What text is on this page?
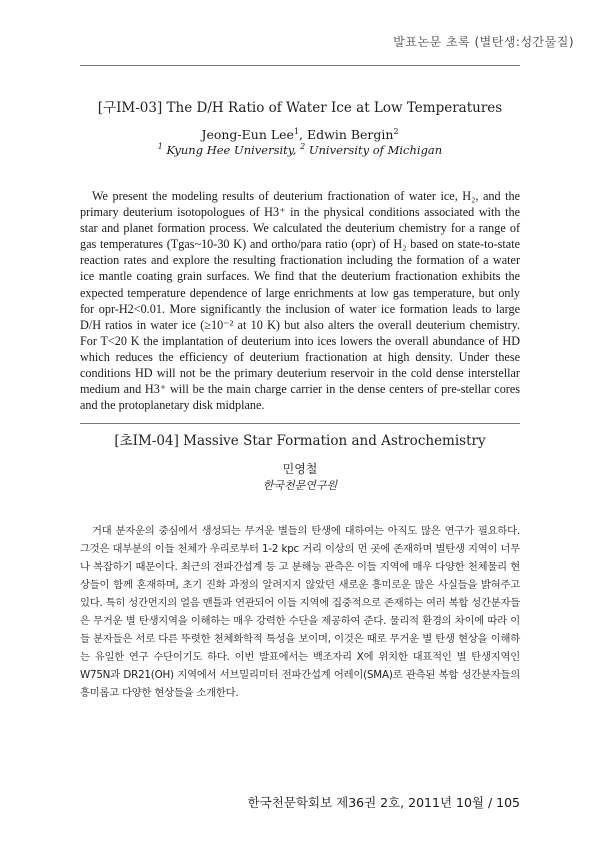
발표논문 초록 (별탄생:성간물질)
[구IM-03] The D/H Ratio of Water Ice at Low Temperatures
Jeong-Eun Lee$^1$, Edwin Bergin$^2$
$^1$ Kyung Hee University, $^2$ University of Michigan

We present the modeling results of deuterium fractionation of water ice, H₂, and the primary deuterium isotopologues of H3⁺ in the physical conditions associated with the star and planet formation process. We calculated the deuterium chemistry for a range of gas temperatures (Tgas~10-30 K) and ortho/para ratio (opr) of H₂ based on state-to-state reaction rates and explore the resulting fractionation including the formation of a water ice mantle coating grain surfaces. We find that the deuterium fractionation exhibits the expected temperature dependence of large enrichments at low gas temperature, but only for opr-H2<0.01. More significantly the inclusion of water ice formation leads to large D/H ratios in water ice (≥10⁻² at 10 K) but also alters the overall deuterium chemistry. For T<20 K the implantation of deuterium into ices lowers the overall abundance of HD which reduces the efficiency of deuterium fractionation at high density. Under these conditions HD will not be the primary deuterium reservoir in the cold dense interstellar medium and H3⁺ will be the main charge carrier in the dense centers of pre-stellar cores and the protoplanetary disk midplane.

[초IM-04] Massive Star Formation and Astrochemistry
민영철
한국천문연구원

거대 분자운의 중심에서 생성되는 무거운 별들의 탄생에 대하여는 아직도 많은 연구가 필요하다. 그것은 대부분의 이들 천체가 우리로부터 1-2 kpc 거리 이상의 먼 곳에 존재하며 별탄생 지역이 너무나 복잡하기 때문이다. 최근의 전파간섭계 등 고 분해능 관측은 이들 지역에 매우 다양한 천체물리 현상들이 함께 혼재하며, 초기 진화 과정의 알려지지 않았던 새로운 흥미로운 많은 사실들을 밝혀주고 있다. 특히 성간먼지의 얼음 맨틀과 연관되어 이들 지역에 집중적으로 존재하는 여러 복합 성간분자들은 무거운 별 탄생지역을 이해하는 매우 강력한 수단을 제공하여 준다. 물리적 환경의 차이에 따라 이들 분자들은 서로 다른 뚜렷한 천체화학적 특성을 보이며, 이것은 때로 무거운 별 탄생 현상을 이해하는 유일한 연구 수단이기도 하다. 이번 발표에서는 백조자리 X에 위치한 대표적인 별 탄생지역인 W75N과 DR21(OH) 지역에서 서브밀리미터 전파간섭계 어레이(SMA)로 관측된 복합 성간분자들의 흥미롭고 다양한 현상들을 소개한다.

한국천문학회보 제36권 2호, 2011년 10월 / 105
